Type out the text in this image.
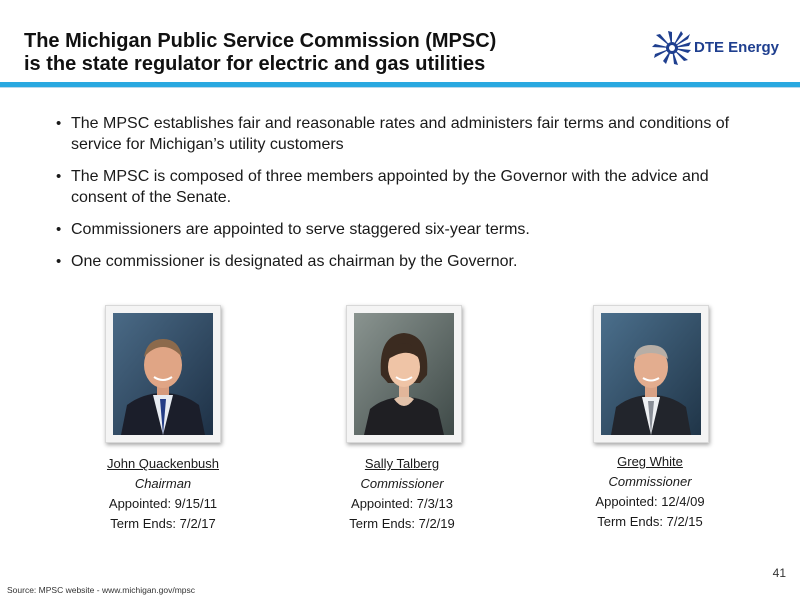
The Michigan Public Service Commission (MPSC)
is the state regulator for electric and gas utilities
DTE Energy
• The MPSC establishes fair and reasonable rates and administers fair terms and conditions of service for Michigan’s utility customers
• The MPSC is composed of three members appointed by the Governor with the advice and consent of the Senate.
• Commissioners are appointed to serve staggered six-year terms.
• One commissioner is designated as chairman by the Governor.
John Quackenbush
Chairman
Appointed: 9/15/11
Term Ends: 7/2/17
Sally Talberg
Commissioner
Appointed: 7/3/13
Term Ends: 7/2/19
Greg White
Commissioner
Appointed: 12/4/09
Term Ends: 7/2/15
Source: MPSC website - www.michigan.gov/mpsc
41
